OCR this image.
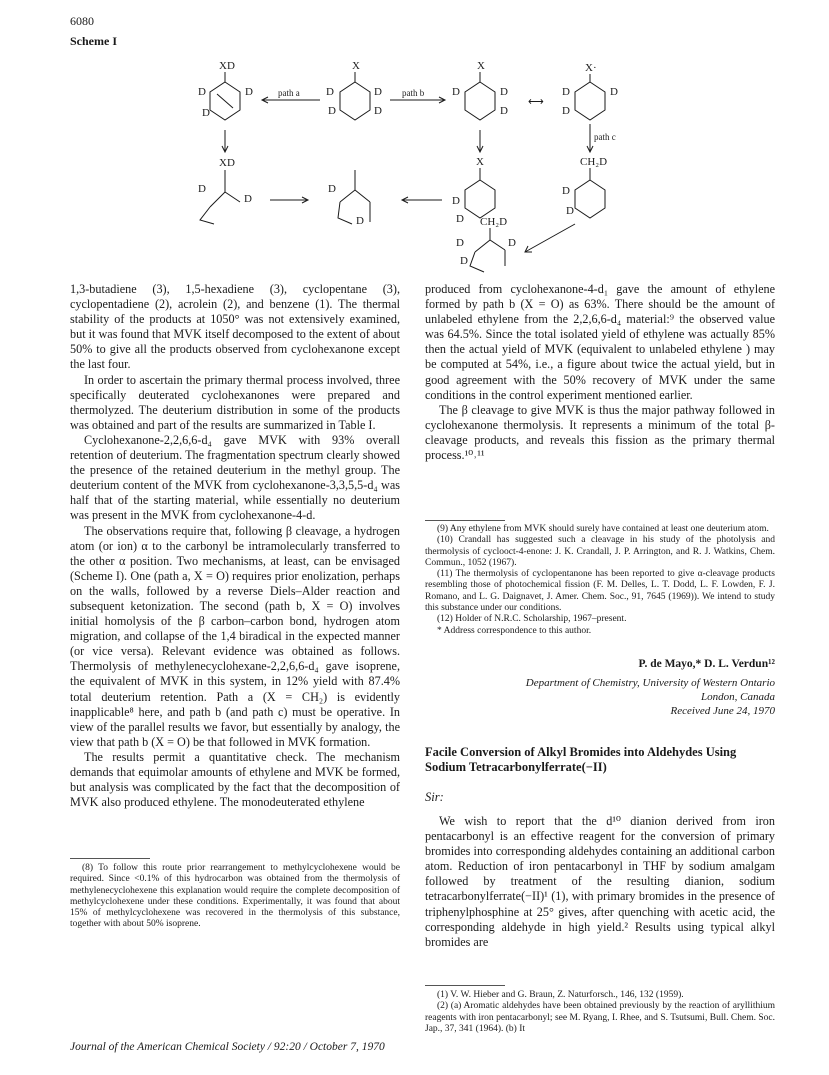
6080
Scheme I
path a	path b
⟷
path c
XD
D	D
D
X
D	D
D	D
X
D	D
D
X·
D	D
D
XD
D
D
D
D
X
D
D
CH₂D
D
D
CH₂D
D	D
D

1,3-butadiene (3), 1,5-hexadiene (3), cyclopentane (3), cyclopentadiene (2), acrolein (2), and benzene (1). The thermal stability of the products at 1050° was not extensively examined, but it was found that MVK itself decomposed to the extent of about 50% to give all the products observed from cyclohexanone except the last four.

In order to ascertain the primary thermal process involved, three specifically deuterated cyclohexanones were prepared and thermolyzed. The deuterium distribution in some of the products was obtained and part of the results are summarized in Table I.

Cyclohexanone-2,2,6,6-d₄ gave MVK with 93% overall retention of deuterium. The fragmentation spectrum clearly showed the presence of the retained deuterium in the methyl group. The deuterium content of the MVK from cyclohexanone-3,3,5,5-d₄ was half that of the starting material, while essentially no deuterium was present in the MVK from cyclohexanone-4-d.

The observations require that, following β cleavage, a hydrogen atom (or ion) α to the carbonyl be intramolecularly transferred to the other α position. Two mechanisms, at least, can be envisaged (Scheme I). One (path a, X = O) requires prior enolization, perhaps on the walls, followed by a reverse Diels–Alder reaction and subsequent ketonization. The second (path b, X = O) involves initial homolysis of the β carbon–carbon bond, hydrogen atom migration, and collapse of the 1,4 biradical in the expected manner (or vice versa). Relevant evidence was obtained as follows. Thermolysis of methylenecyclohexane-2,2,6,6-d₄ gave isoprene, the equivalent of MVK in this system, in 12% yield with 87.4% total deuterium retention. Path a (X = CH₂) is evidently inapplicable⁸ here, and path b (and path c) must be operative. In view of the parallel results we favor, but essentially by analogy, the view that path b (X = O) be that followed in MVK formation.

The results permit a quantitative check. The mechanism demands that equimolar amounts of ethylene and MVK be formed, but analysis was complicated by the fact that the decomposition of MVK also produced ethylene. The monodeuterated ethylene

(8) To follow this route prior rearrangement to methylcyclohexene would be required. Since <0.1% of this hydrocarbon was obtained from the thermolysis of methylenecyclohexene this explanation would require the complete decomposition of methylcyclohexene under these conditions. Experimentally, it was found that about 15% of methylcyclohexene was recovered in the thermolysis of this substance, together with about 50% isoprene.

produced from cyclohexanone-4-d₁ gave the amount of ethylene formed by path b (X = O) as 63%. There should be the amount of unlabeled ethylene from the 2,2,6,6-d₄ material:⁹ the observed value was 64.5%. Since the total isolated yield of ethylene was actually 85% then the actual yield of MVK (equivalent to unlabeled ethylene ) may be computed at 54%, i.e., a figure about twice the actual yield, but in good agreement with the 50% recovery of MVK under the same conditions in the control experiment mentioned earlier.

The β cleavage to give MVK is thus the major pathway followed in cyclohexanone thermolysis. It represents a minimum of the total β-cleavage products, and reveals this fission as the primary thermal process.¹⁰˒¹¹

(9) Any ethylene from MVK should surely have contained at least one deuterium atom.

(10) Crandall has suggested such a cleavage in his study of the photolysis and thermolysis of cyclooct-4-enone: J. K. Crandall, J. P. Arrington, and R. J. Watkins, Chem. Commun., 1052 (1967).

(11) The thermolysis of cyclopentanone has been reported to give α-cleavage products resembling those of photochemical fission (F. M. Delles, L. T. Dodd, L. F. Lowden, F. J. Romano, and L. G. Daignavet, J. Amer. Chem. Soc., 91, 7645 (1969)). We intend to study this substance under our conditions.

(12) Holder of N.R.C. Scholarship, 1967–present.

* Address correspondence to this author.

P. de Mayo,* D. L. Verdun¹²
Department of Chemistry, University of Western Ontario
London, Canada
Received June 24, 1970
Facile Conversion of Alkyl Bromides into Aldehydes Using Sodium Tetracarbonylferrate(−II)
Sir:

We wish to report that the d¹⁰ dianion derived from iron pentacarbonyl is an effective reagent for the conversion of primary bromides into corresponding aldehydes containing an additional carbon atom. Reduction of iron pentacarbonyl in THF by sodium amalgam followed by treatment of the resulting dianion, sodium tetracarbonylferrate(−II)¹ (1), with primary bromides in the presence of triphenylphosphine at 25° gives, after quenching with acetic acid, the corresponding aldehyde in high yield.² Results using typical alkyl bromides are

(1) V. W. Hieber and G. Braun, Z. Naturforsch., 146, 132 (1959).

(2) (a) Aromatic aldehydes have been obtained previously by the reaction of aryllithium reagents with iron pentacarbonyl; see M. Ryang, I. Rhee, and S. Tsutsumi, Bull. Chem. Soc. Jap., 37, 341 (1964). (b) It

Journal of the American Chemical Society / 92:20 / October 7, 1970
